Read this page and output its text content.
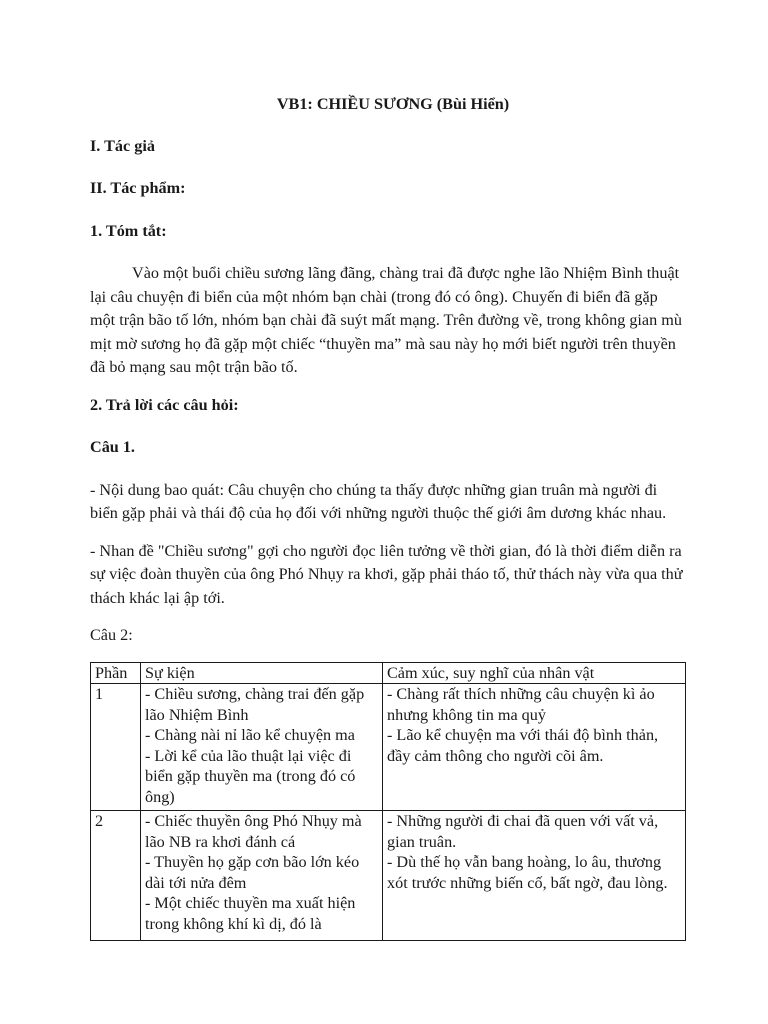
VB1: CHIỀU SƯƠNG (Bùi Hiển)

I. Tác giả

II. Tác phẩm:

1. Tóm tắt:

Vào một buổi chiều sương lãng đãng, chàng trai đã được nghe lão Nhiệm Bình thuật lại câu chuyện đi biển của một nhóm bạn chài (trong đó có ông). Chuyến đi biển đã gặp một trận bão tố lớn, nhóm bạn chài đã suýt mất mạng. Trên đường về, trong không gian mù mịt mờ sương họ đã gặp một chiếc “thuyền ma” mà sau này họ mới biết người trên thuyền đã bỏ mạng sau một trận bão tố.

2. Trả lời các câu hỏi:

Câu 1.

- Nội dung bao quát: Câu chuyện cho chúng ta thấy được những gian truân mà người đi biển gặp phải và thái độ của họ đối với những người thuộc thế giới âm dương khác nhau.

- Nhan đề "Chiều sương" gợi cho người đọc liên tưởng về thời gian, đó là thời điểm diễn ra sự việc đoàn thuyền của ông Phó Nhụy ra khơi, gặp phải tháo tố, thử thách này vừa qua thử thách khác lại ập tới.

Câu 2:

Phần	Sự kiện	Cảm xúc, suy nghĩ của nhân vật
1	- Chiều sương, chàng trai đến gặp lão Nhiệm Bình
- Chàng nài nỉ lão kể chuyện ma
- Lời kể của lão thuật lại việc đi biển gặp thuyền ma (trong đó có ông)	- Chàng rất thích những câu chuyện kì ảo nhưng không tin ma quỷ
- Lão kể chuyện ma với thái độ bình thản, đầy cảm thông cho người cõi âm.

2	- Chiếc thuyền ông Phó Nhụy mà lão NB ra khơi đánh cá
- Thuyền họ gặp cơn bão lớn kéo dài tới nửa đêm
- Một chiếc thuyền ma xuất hiện trong không khí kì dị, đó là	- Những người đi chai đã quen với vất vả, gian truân.
- Dù thế họ vẫn bang hoàng, lo âu, thương xót trước những biến cố, bất ngờ, đau lòng.
